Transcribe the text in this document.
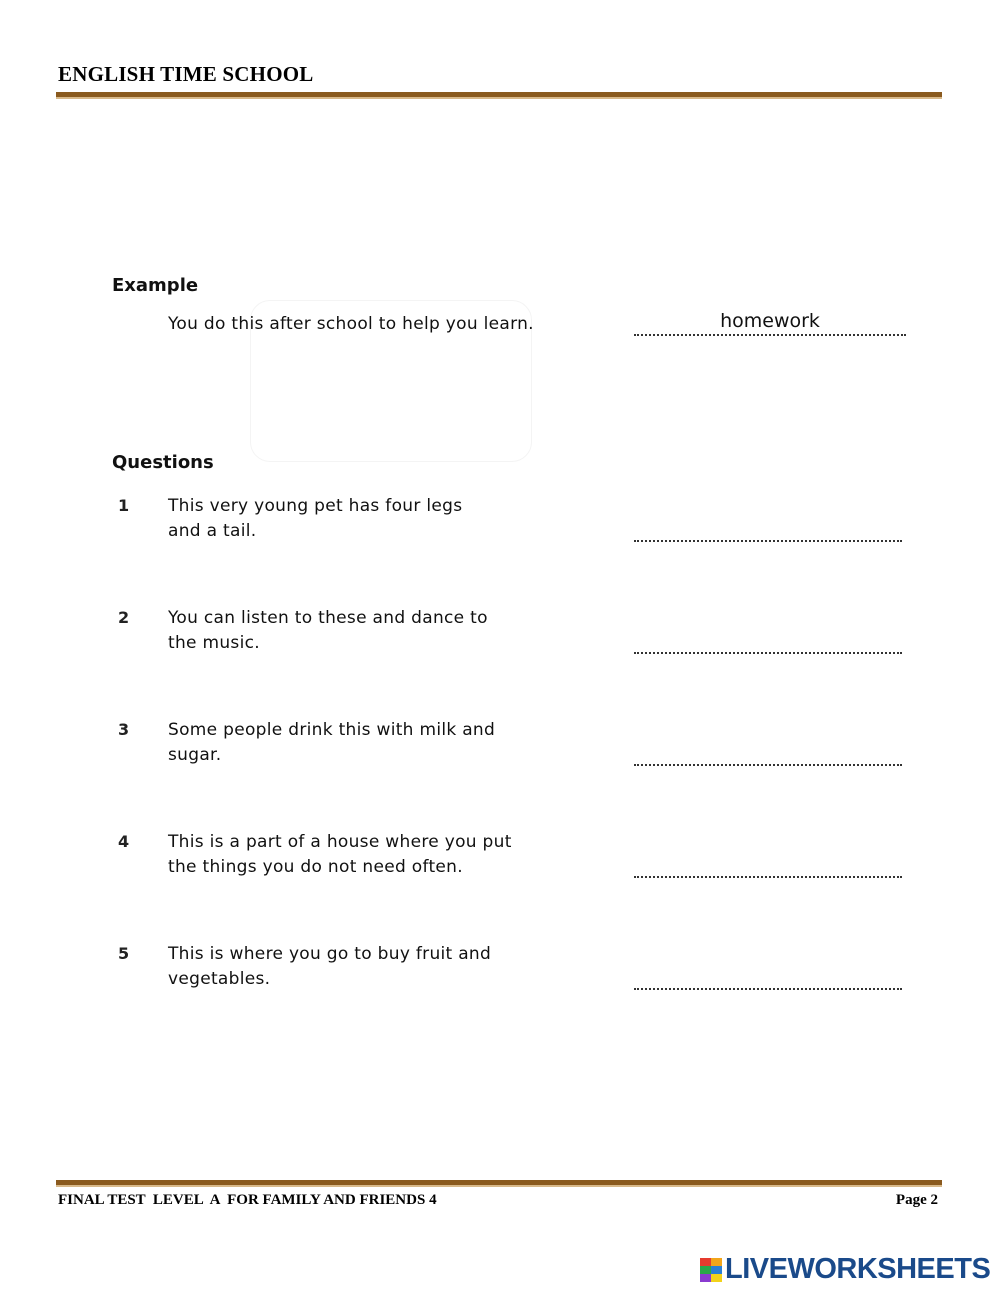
ENGLISH TIME SCHOOL
Example
You do this after school to help you learn.	homework
Questions
1 This very young pet has four legs
and a tail.
2 You can listen to these and dance to
the music.
3 Some people drink this with milk and
sugar.
4 This is a part of a house where you put
the things you do not need often.
5 This is where you go to buy fruit and
vegetables.
FINAL TEST  LEVEL  A  FOR FAMILY AND FRIENDS 4	Page 2
LIVEWORKSHEETS
